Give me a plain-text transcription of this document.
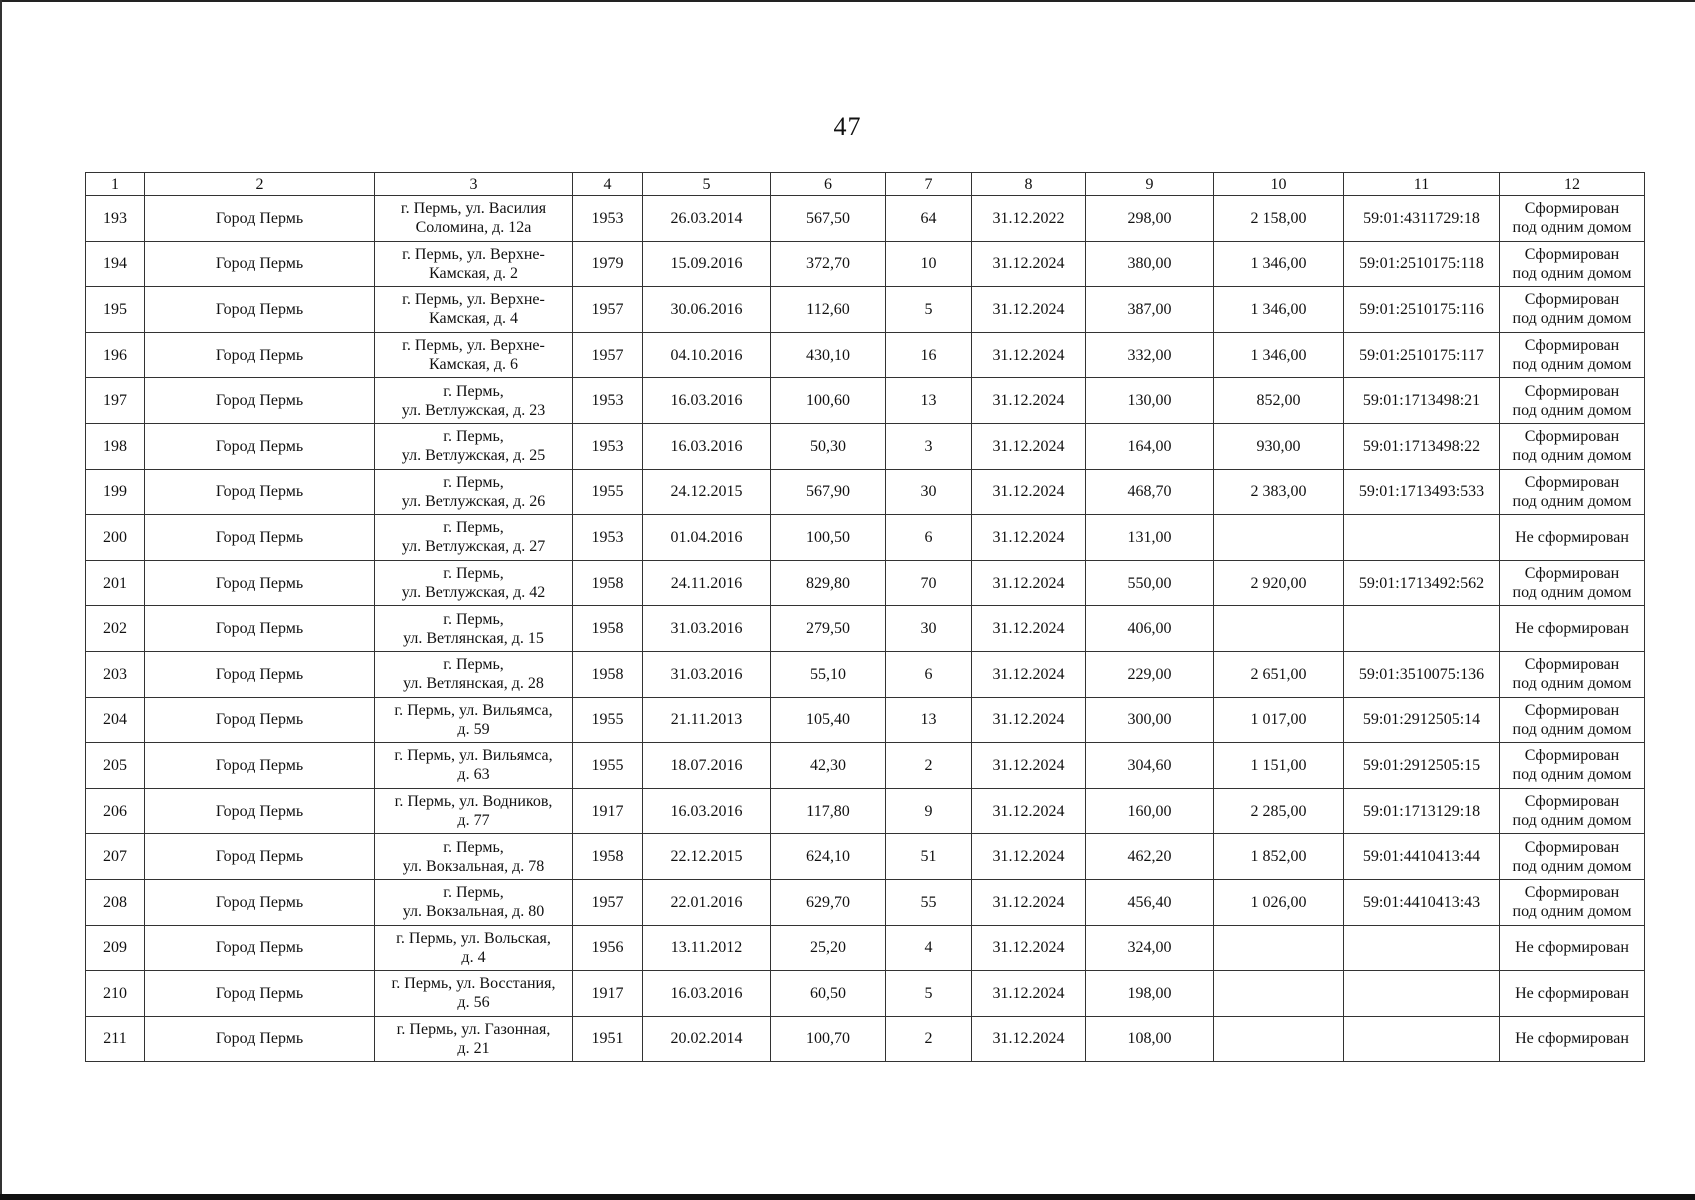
47
1	2	3	4	5	6	7	8	9	10	11	12
193	Город Пермь	г. Пермь, ул. Василия
Соломина, д. 12а	1953	26.03.2014	567,50	64	31.12.2022	298,00	2 158,00	59:01:4311729:18	Сформирован
под одним домом
194	Город Пермь	г. Пермь, ул. Верхне-
Камская, д. 2	1979	15.09.2016	372,70	10	31.12.2024	380,00	1 346,00	59:01:2510175:118	Сформирован
под одним домом
195	Город Пермь	г. Пермь, ул. Верхне-
Камская, д. 4	1957	30.06.2016	112,60	5	31.12.2024	387,00	1 346,00	59:01:2510175:116	Сформирован
под одним домом
196	Город Пермь	г. Пермь, ул. Верхне-
Камская, д. 6	1957	04.10.2016	430,10	16	31.12.2024	332,00	1 346,00	59:01:2510175:117	Сформирован
под одним домом
197	Город Пермь	г. Пермь,
ул. Ветлужская, д. 23	1953	16.03.2016	100,60	13	31.12.2024	130,00	852,00	59:01:1713498:21	Сформирован
под одним домом
198	Город Пермь	г. Пермь,
ул. Ветлужская, д. 25	1953	16.03.2016	50,30	3	31.12.2024	164,00	930,00	59:01:1713498:22	Сформирован
под одним домом
199	Город Пермь	г. Пермь,
ул. Ветлужская, д. 26	1955	24.12.2015	567,90	30	31.12.2024	468,70	2 383,00	59:01:1713493:533	Сформирован
под одним домом
200	Город Пермь	г. Пермь,
ул. Ветлужская, д. 27	1953	01.04.2016	100,50	6	31.12.2024	131,00			Не сформирован
201	Город Пермь	г. Пермь,
ул. Ветлужская, д. 42	1958	24.11.2016	829,80	70	31.12.2024	550,00	2 920,00	59:01:1713492:562	Сформирован
под одним домом
202	Город Пермь	г. Пермь,
ул. Ветлянская, д. 15	1958	31.03.2016	279,50	30	31.12.2024	406,00			Не сформирован
203	Город Пермь	г. Пермь,
ул. Ветлянская, д. 28	1958	31.03.2016	55,10	6	31.12.2024	229,00	2 651,00	59:01:3510075:136	Сформирован
под одним домом
204	Город Пермь	г. Пермь, ул. Вильямса,
д. 59	1955	21.11.2013	105,40	13	31.12.2024	300,00	1 017,00	59:01:2912505:14	Сформирован
под одним домом
205	Город Пермь	г. Пермь, ул. Вильямса,
д. 63	1955	18.07.2016	42,30	2	31.12.2024	304,60	1 151,00	59:01:2912505:15	Сформирован
под одним домом
206	Город Пермь	г. Пермь, ул. Водников,
д. 77	1917	16.03.2016	117,80	9	31.12.2024	160,00	2 285,00	59:01:1713129:18	Сформирован
под одним домом
207	Город Пермь	г. Пермь,
ул. Вокзальная, д. 78	1958	22.12.2015	624,10	51	31.12.2024	462,20	1 852,00	59:01:4410413:44	Сформирован
под одним домом
208	Город Пермь	г. Пермь,
ул. Вокзальная, д. 80	1957	22.01.2016	629,70	55	31.12.2024	456,40	1 026,00	59:01:4410413:43	Сформирован
под одним домом
209	Город Пермь	г. Пермь, ул. Вольская,
д. 4	1956	13.11.2012	25,20	4	31.12.2024	324,00			Не сформирован
210	Город Пермь	г. Пермь, ул. Восстания,
д. 56	1917	16.03.2016	60,50	5	31.12.2024	198,00			Не сформирован
211	Город Пермь	г. Пермь, ул. Газонная,
д. 21	1951	20.02.2014	100,70	2	31.12.2024	108,00			Не сформирован
